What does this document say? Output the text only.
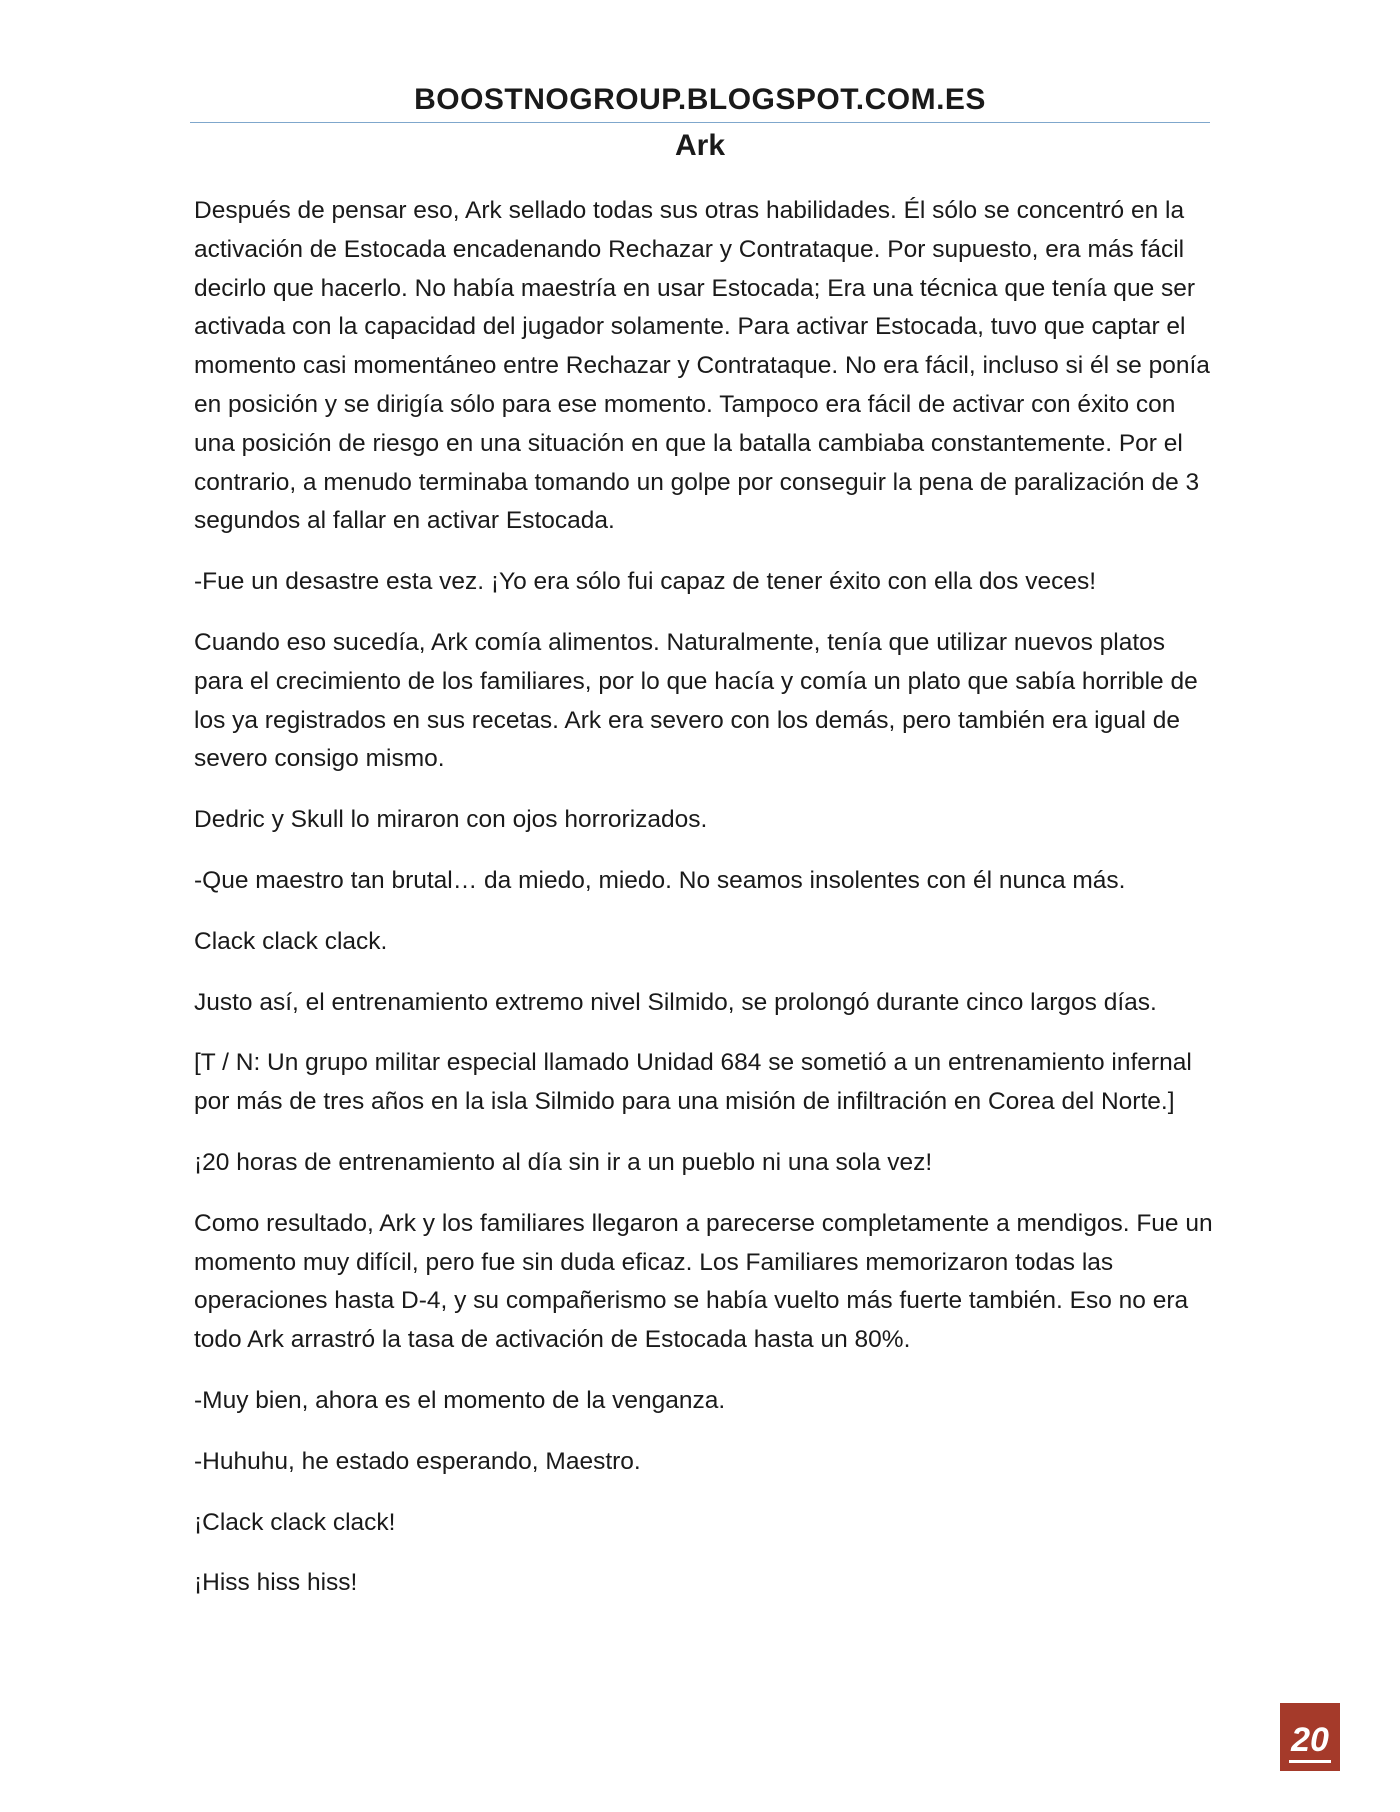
BOOSTNOGROUP.BLOGSPOT.COM.ES
Ark

Después de pensar eso, Ark sellado todas sus otras habilidades. Él sólo se concentró en la activación de Estocada encadenando Rechazar y Contrataque. Por supuesto, era más fácil decirlo que hacerlo. No había maestría en usar Estocada; Era una técnica que tenía que ser activada con la capacidad del jugador solamente. Para activar Estocada, tuvo que captar el momento casi momentáneo entre Rechazar y Contrataque. No era fácil, incluso si él se ponía en posición y se dirigía sólo para ese momento. Tampoco era fácil de activar con éxito con una posición de riesgo en una situación en que la batalla cambiaba constantemente. Por el contrario, a menudo terminaba tomando un golpe por conseguir la pena de paralización de 3 segundos al fallar en activar Estocada.

-Fue un desastre esta vez. ¡Yo era sólo fui capaz de tener éxito con ella dos veces!

Cuando eso sucedía, Ark comía alimentos. Naturalmente, tenía que utilizar nuevos platos para el crecimiento de los familiares, por lo que hacía y comía un plato que sabía horrible de los ya registrados en sus recetas. Ark era severo con los demás, pero también era igual de severo consigo mismo.

Dedric y Skull lo miraron con ojos horrorizados.

-Que maestro tan brutal… da miedo, miedo. No seamos insolentes con él nunca más.

Clack clack clack.

Justo así, el entrenamiento extremo nivel Silmido, se prolongó durante cinco largos días.

[T / N: Un grupo militar especial llamado Unidad 684 se sometió a un entrenamiento infernal por más de tres años en la isla Silmido para una misión de infiltración en Corea del Norte.]

¡20 horas de entrenamiento al día sin ir a un pueblo ni una sola vez!

Como resultado, Ark y los familiares llegaron a parecerse completamente a mendigos. Fue un momento muy difícil, pero fue sin duda eficaz. Los Familiares memorizaron todas las operaciones hasta D-4, y su compañerismo se había vuelto más fuerte también. Eso no era todo Ark arrastró la tasa de activación de Estocada hasta un 80%.

-Muy bien, ahora es el momento de la venganza.

-Huhuhu, he estado esperando, Maestro.

¡Clack clack clack!

¡Hiss hiss hiss!

20
